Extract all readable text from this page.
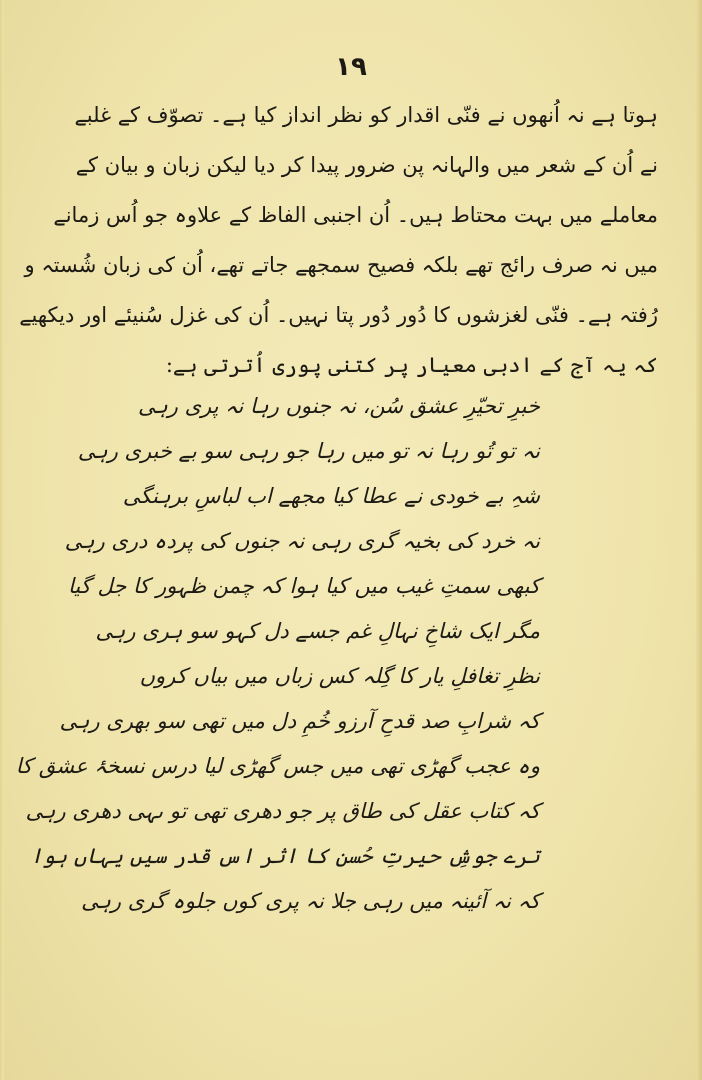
۱۹
ہوتا ہے نہ اُنھوں نے فنّی اقدار کو نظر انداز کیا ہے۔ تصوّف کے غلبے
نے اُن کے شعر میں والہانہ پن ضرور پیدا کر دیا لیکن زبان و بیان کے
معاملے میں بہت محتاط ہیں۔ اُن اجنبی الفاظ کے علاوہ جو اُس زمانے
میں نہ صرف رائج تھے بلکہ فصیح سمجھے جاتے تھے، اُن کی زبان شُستہ و
رُفتہ ہے۔ فنّی لغزشوں کا دُور دُور پتا نہیں۔ اُن کی غزل سُنیئے اور دیکھیے
کہ یہ آج کے ادبی معیار پر کتنی پوری اُترتی ہے:
خبرِ تحیّرِ عشق سُن، نہ جنوں رہا نہ پری رہی
نہ تو تُو رہا نہ تو میں رہا جو رہی سو بے خبری رہی
شہِ بے خودی نے عطا کیا مجھے اب لباسِ برہنگی
نہ خرد کی بخیہ گری رہی نہ جنوں کی پردہ دری رہی
کبھی سمتِ غیب میں کیا ہوا کہ چمن ظہور کا جل گیا
مگر ایک شاخِ نہالِ غم جسے دل کہو سو ہری رہی
نظرِ تغافلِ یار کا گِلہ کس زباں میں بیاں کروں
کہ شرابِ صد قدحِ آرزو خُمِ دل میں تھی سو بھری رہی
وہ عجب گھڑی تھی میں جس گھڑی لیا درس نسخۂ عشق کا
کہ کتاب عقل کی طاق پر جو دھری تھی تو ںہی دھری رہی
ترے جوشِ حیرتِ حُسن کا اثر اس قدر سیں یہاں ہوا
کہ نہ آئینہ میں رہی جلا نہ پری کوں جلوہ گری رہی
